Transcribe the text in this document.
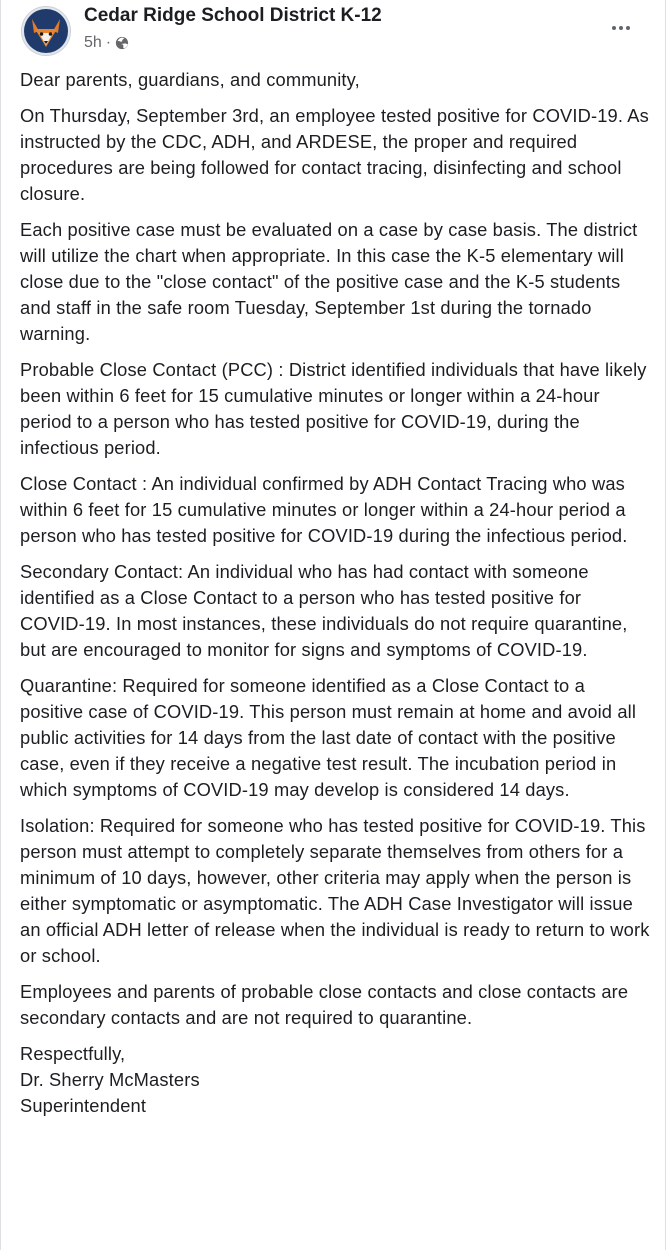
Cedar Ridge School District K-12
5h ·

Dear parents, guardians, and community,

On Thursday, September 3rd, an employee tested positive for COVID-19. As instructed by the CDC, ADH, and ARDESE, the proper and required procedures are being followed for contact tracing, disinfecting and school closure.

Each positive case must be evaluated on a case by case basis. The district will utilize the chart when appropriate. In this case the K-5 elementary will close due to the "close contact" of the positive case and the K-5 students and staff in the safe room Tuesday, September 1st during the tornado warning.

Probable Close Contact (PCC) : District identified individuals that have likely been within 6 feet for 15 cumulative minutes or longer within a 24-hour period to a person who has tested positive for COVID-19, during the infectious period.

Close Contact : An individual confirmed by ADH Contact Tracing who was within 6 feet for 15 cumulative minutes or longer within a 24-hour period a person who has tested positive for COVID-19 during the infectious period.

Secondary Contact: An individual who has had contact with someone identified as a Close Contact to a person who has tested positive for COVID-19. In most instances, these individuals do not require quarantine, but are encouraged to monitor for signs and symptoms of COVID-19.

Quarantine: Required for someone identified as a Close Contact to a positive case of COVID-19. This person must remain at home and avoid all public activities for 14 days from the last date of contact with the positive case, even if they receive a negative test result. The incubation period in which symptoms of COVID-19 may develop is considered 14 days.

Isolation: Required for someone who has tested positive for COVID-19. This person must attempt to completely separate themselves from others for a minimum of 10 days, however, other criteria may apply when the person is either symptomatic or asymptomatic. The ADH Case Investigator will issue an official ADH letter of release when the individual is ready to return to work or school.

Employees and parents of probable close contacts and close contacts are secondary contacts and are not required to quarantine.

Respectfully,
Dr. Sherry McMasters
Superintendent
